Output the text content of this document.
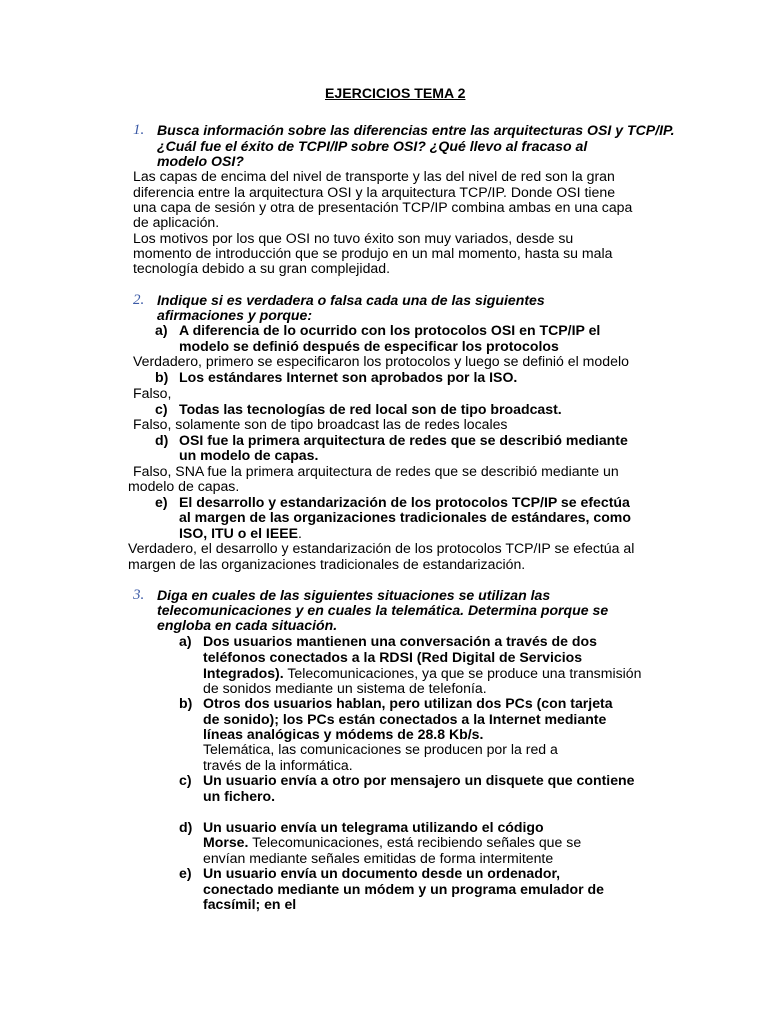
EJERCICIOS TEMA 2
1. Busca información sobre las diferencias entre las arquitecturas OSI y TCP/IP.
¿Cuál fue el éxito de TCPI/IP sobre OSI? ¿Qué llevo al fracaso al
modelo OSI?
Las capas de encima del nivel de transporte y las del nivel de red son la gran
diferencia entre la arquitectura OSI y la arquitectura TCP/IP. Donde OSI tiene
una capa de sesión y otra de presentación TCP/IP combina ambas en una capa
de aplicación.
Los motivos por los que OSI no tuvo éxito son muy variados, desde su
momento de introducción que se produjo en un mal momento, hasta su mala
tecnología debido a su gran complejidad.
2. Indique si es verdadera o falsa cada una de las siguientes
afirmaciones y porque:
a) A diferencia de lo ocurrido con los protocolos OSI en TCP/IP el
modelo se definió después de especificar los protocolos
Verdadero, primero se especificaron los protocolos y luego se definió el modelo
b) Los estándares Internet son aprobados por la ISO.
Falso,
c) Todas las tecnologías de red local son de tipo broadcast.
Falso, solamente son de tipo broadcast las de redes locales
d) OSI fue la primera arquitectura de redes que se describió mediante
un modelo de capas.
Falso, SNA fue la primera arquitectura de redes que se describió mediante un
modelo de capas.
e) El desarrollo y estandarización de los protocolos TCP/IP se efectúa
al margen de las organizaciones tradicionales de estándares, como
ISO, ITU o el IEEE.
Verdadero, el desarrollo y estandarización de los protocolos TCP/IP se efectúa al
margen de las organizaciones tradicionales de estandarización.
3. Diga en cuales de las siguientes situaciones se utilizan las
telecomunicaciones y en cuales la telemática. Determina porque se
engloba en cada situación.
a) Dos usuarios mantienen una conversación a través de dos
teléfonos conectados a la RDSI (Red Digital de Servicios
Integrados). Telecomunicaciones, ya que se produce una transmisión
de sonidos mediante un sistema de telefonía.
b) Otros dos usuarios hablan, pero utilizan dos PCs (con tarjeta
de sonido); los PCs están conectados a la Internet mediante
líneas analógicas y módems de 28.8 Kb/s.
Telemática, las comunicaciones se producen por la red a
través de la informática.
c) Un usuario envía a otro por mensajero un disquete que contiene
un fichero.
d) Un usuario envía un telegrama utilizando el código
Morse. Telecomunicaciones, está recibiendo señales que se
envían mediante señales emitidas de forma intermitente
e) Un usuario envía un documento desde un ordenador,
conectado mediante un módem y un programa emulador de
facsímil; en el
